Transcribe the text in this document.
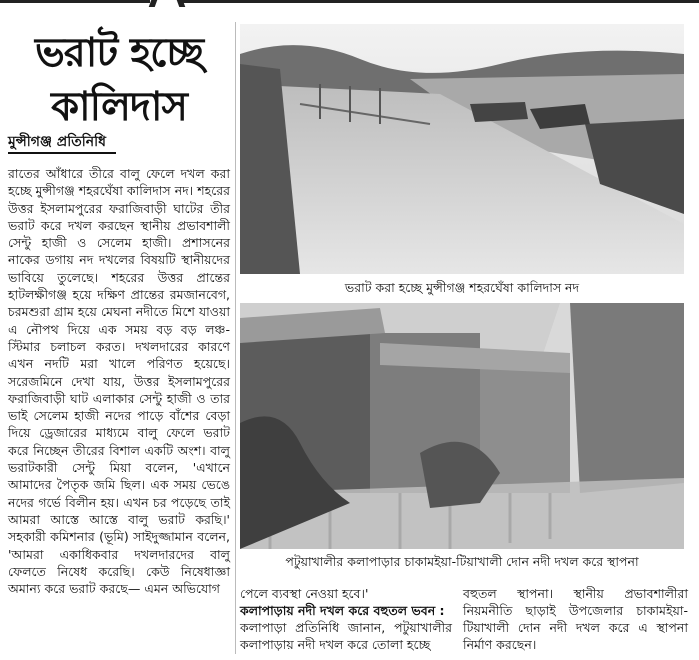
ভরাট হচ্ছে কালিদাস
মুন্সীগঞ্জ প্রতিনিধি
রাতের আঁধারে তীরে বালু ফেলে দখল করা হচ্ছে মুন্সীগঞ্জ শহরঘেঁষা কালিদাস নদ। শহরের উত্তর ইসলামপুরের ফরাজিবাড়ী ঘাটের তীর ভরাট করে দখল করছেন স্থানীয় প্রভাবশালী সেন্টু হাজী ও সেলেম হাজী। প্রশাসনের নাকের ডগায় নদ দখলের বিষয়টি স্থানীয়দের ভাবিয়ে তুলেছে। শহরের উত্তর প্রান্তের হাটলক্ষীগঞ্জ হয়ে দক্ষিণ প্রান্তের রমজানবেগ, চরমশুরা গ্রাম হয়ে মেঘনা নদীতে মিশে যাওয়া এ নৌপথ দিয়ে এক সময় বড় বড় লঞ্চ-স্টিমার চলাচল করত। দখলদারের কারণে এখন নদটি মরা খালে পরিণত হয়েছে। সরেজমিনে দেখা যায়, উত্তর ইসলামপুরের ফরাজিবাড়ী ঘাট এলাকার সেন্টু হাজী ও তার ভাই সেলেম হাজী নদের পাড়ে বাঁশের বেড়া দিয়ে ড্রেজারের মাধ্যমে বালু ফেলে ভরাট করে নিচ্ছেন তীরের বিশাল একটি অংশ। বালু ভরাটকারী সেন্টু মিয়া বলেন, 'এখানে আমাদের পৈতৃক জমি ছিল। এক সময় ভেঙে নদের গর্ভে বিলীন হয়। এখন চর পড়েছে তাই আমরা আস্তে আস্তে বালু ভরাট করছি।' সহকারী কমিশনার (ভূমি) সাইদুজ্জামান বলেন, 'আমরা একাধিকবার দখলদারদের বালু ফেলতে নিষেধ করেছি। কেউ নিষেধাজ্ঞা অমান্য করে ভরাট করছে— এমন অভিযোগ
ভরাট করা হচ্ছে মুন্সীগঞ্জ শহরঘেঁষা কালিদাস নদ
পটুয়াখালীর কলাপাড়ার চাকামইয়া-টিয়াখালী দোন নদী দখল করে স্থাপনা
পেলে ব্যবস্থা নেওয়া হবে।'
কলাপাড়ায় নদী দখল করে বহুতল ভবন :
কলাপাড়া প্রতিনিধি জানান, পটুয়াখালীর কলাপাড়ায় নদী দখল করে তোলা হচ্ছে
বহুতল স্থাপনা। স্থানীয় প্রভাবশালীরা নিয়মনীতি ছাড়াই উপজেলার চাকামইয়া-টিয়াখালী দোন নদী দখল করে এ স্থাপনা নির্মাণ করছেন।
